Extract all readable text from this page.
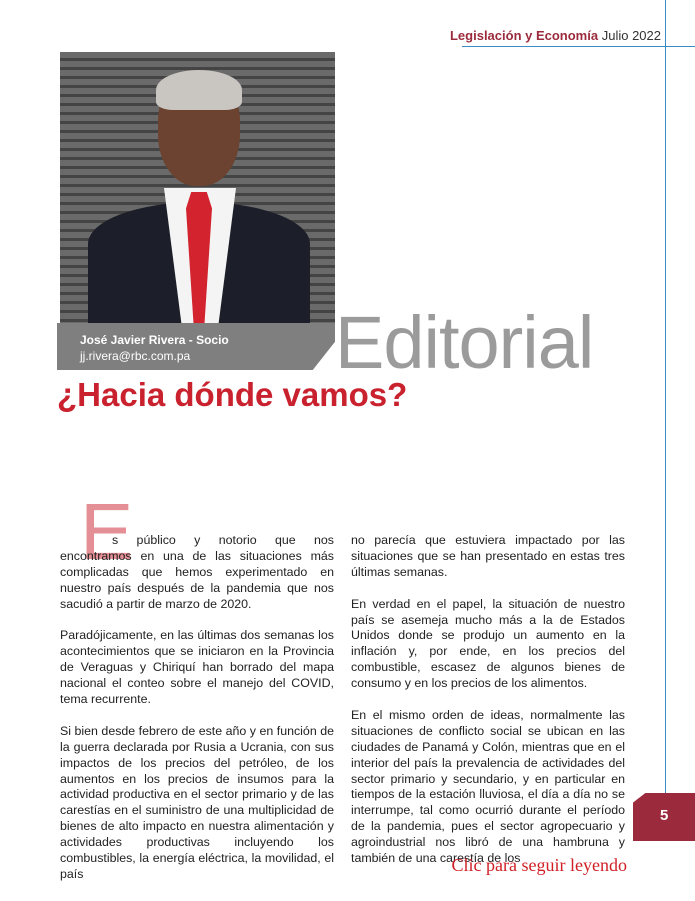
Legislación y Economía Julio 2022
José Javier Rivera - Socio
jj.rivera@rbc.com.pa Editorial
¿Hacia dónde vamos?
E

s público y notorio que nos encontramos en una de las situaciones más complicadas que hemos experimentado en nuestro país después de la pandemia que nos sacudió a partir de marzo de 2020.

Paradójicamente, en las últimas dos semanas los acontecimientos que se iniciaron en la Provincia de Veraguas y Chiriquí han borrado del mapa nacional el conteo sobre el manejo del COVID, tema recurrente.

Si bien desde febrero de este año y en función de la guerra declarada por Rusia a Ucrania, con sus impactos de los precios del petróleo, de los aumentos en los precios de insumos para la actividad productiva en el sector primario y de las carestías en el suministro de una multiplicidad de bienes de alto impacto en nuestra alimentación y actividades productivas incluyendo los combustibles, la energía eléctrica, la movilidad, el país

no parecía que estuviera impactado por las situaciones que se han presentado en estas tres últimas semanas.

En verdad en el papel, la situación de nuestro país se asemeja mucho más a la de Estados Unidos donde se produjo un aumento en la inflación y, por ende, en los precios del combustible, escasez de algunos bienes de consumo y en los precios de los alimentos.

En el mismo orden de ideas, normalmente las situaciones de conflicto social se ubican en las ciudades de Panamá y Colón, mientras que en el interior del país la prevalencia de actividades del sector primario y secundario, y en particular en tiempos de la estación lluviosa, el día a día no se interrumpe, tal como ocurrió durante el período de la pandemia, pues el sector agropecuario y agroindustrial nos libró de una hambruna y también de una carestía de los

5
Clic para seguir leyendo
